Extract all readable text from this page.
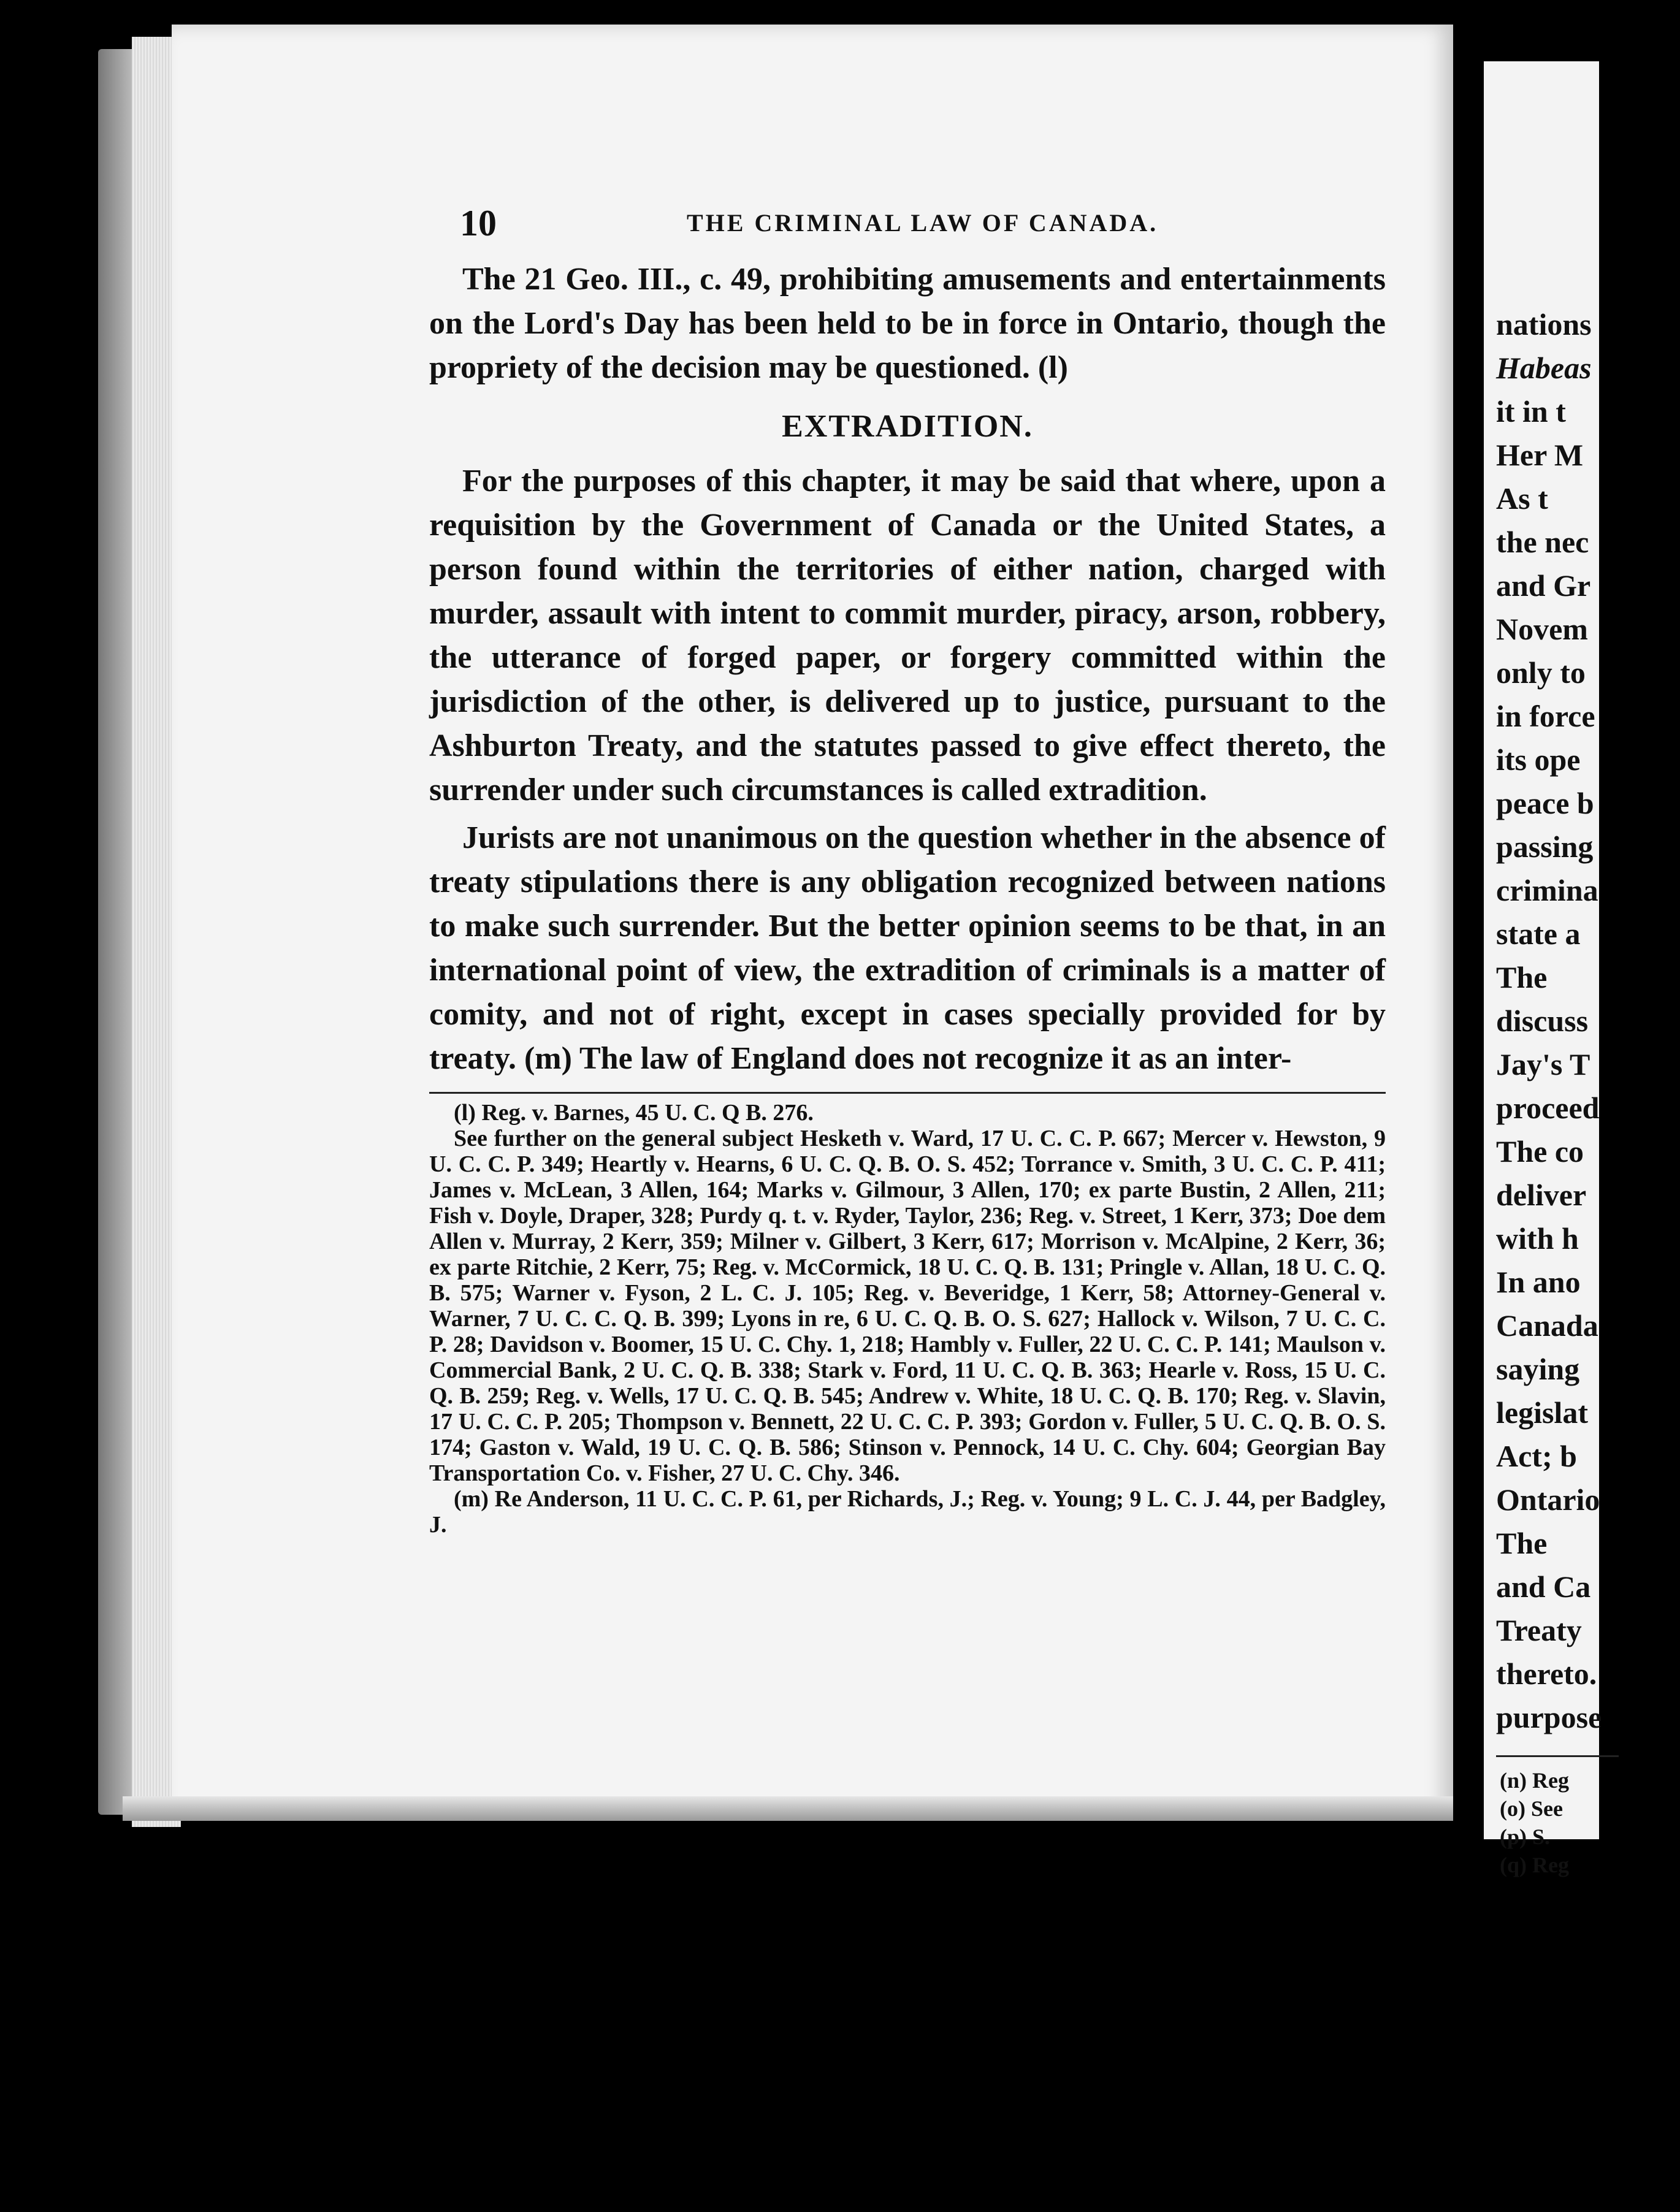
10	THE CRIMINAL LAW OF CANADA.

The 21 Geo. III., c. 49, prohibiting amusements and entertainments on the Lord's Day has been held to be in force in Ontario, though the propriety of the decision may be questioned. (l)

EXTRADITION.

For the purposes of this chapter, it may be said that where, upon a requisition by the Government of Canada or the United States, a person found within the territories of either nation, charged with murder, assault with intent to commit murder, piracy, arson, robbery, the utterance of forged paper, or forgery committed within the jurisdiction of the other, is delivered up to justice, pursuant to the Ashburton Treaty, and the statutes passed to give effect thereto, the surrender under such circumstances is called extradition.

Jurists are not unanimous on the question whether in the absence of treaty stipulations there is any obligation recognized between nations to make such surrender. But the better opinion seems to be that, in an international point of view, the extradition of criminals is a matter of comity, and not of right, except in cases specially provided for by treaty. (m) The law of England does not recognize it as an inter-

(l) Reg. v. Barnes, 45 U. C. Q B. 276.

See further on the general subject Hesketh v. Ward, 17 U. C. C. P. 667; Mercer v. Hewston, 9 U. C. C. P. 349; Heartly v. Hearns, 6 U. C. Q. B. O. S. 452; Torrance v. Smith, 3 U. C. C. P. 411; James v. McLean, 3 Allen, 164; Marks v. Gilmour, 3 Allen, 170; ex parte Bustin, 2 Allen, 211; Fish v. Doyle, Draper, 328; Purdy q. t. v. Ryder, Taylor, 236; Reg. v. Street, 1 Kerr, 373; Doe dem Allen v. Murray, 2 Kerr, 359; Milner v. Gilbert, 3 Kerr, 617; Morrison v. McAlpine, 2 Kerr, 36; ex parte Ritchie, 2 Kerr, 75; Reg. v. McCormick, 18 U. C. Q. B. 131; Pringle v. Allan, 18 U. C. Q. B. 575; Warner v. Fyson, 2 L. C. J. 105; Reg. v. Beveridge, 1 Kerr, 58; Attorney-General v. Warner, 7 U. C. C. Q. B. 399; Lyons in re, 6 U. C. Q. B. O. S. 627; Hallock v. Wilson, 7 U. C. C. P. 28; Davidson v. Boomer, 15 U. C. Chy. 1, 218; Hambly v. Fuller, 22 U. C. C. P. 141; Maulson v. Commercial Bank, 2 U. C. Q. B. 338; Stark v. Ford, 11 U. C. Q. B. 363; Hearle v. Ross, 15 U. C. Q. B. 259; Reg. v. Wells, 17 U. C. Q. B. 545; Andrew v. White, 18 U. C. Q. B. 170; Reg. v. Slavin, 17 U. C. C. P. 205; Thompson v. Bennett, 22 U. C. C. P. 393; Gordon v. Fuller, 5 U. C. Q. B. O. S. 174; Gaston v. Wald, 19 U. C. Q. B. 586; Stinson v. Pennock, 14 U. C. Chy. 604; Georgian Bay Transportation Co. v. Fisher, 27 U. C. Chy. 346.

(m) Re Anderson, 11 U. C. C. P. 61, per Richards, J.; Reg. v. Young; 9 L. C. J. 44, per Badgley, J.

nations
Habeas
it in t
Her M
As t
the nec
and Gr
Novem
only to
in force
its ope
peace b
passing
crimina
state a
The
discuss
Jay's T
proceed
The co
deliver
with h
In ano
Canada
saying
legislat
Act; b
Ontario
The
and Ca
Treaty
thereto.
purpose
(n) Reg
(o) See
(p) S.
(q) Reg
